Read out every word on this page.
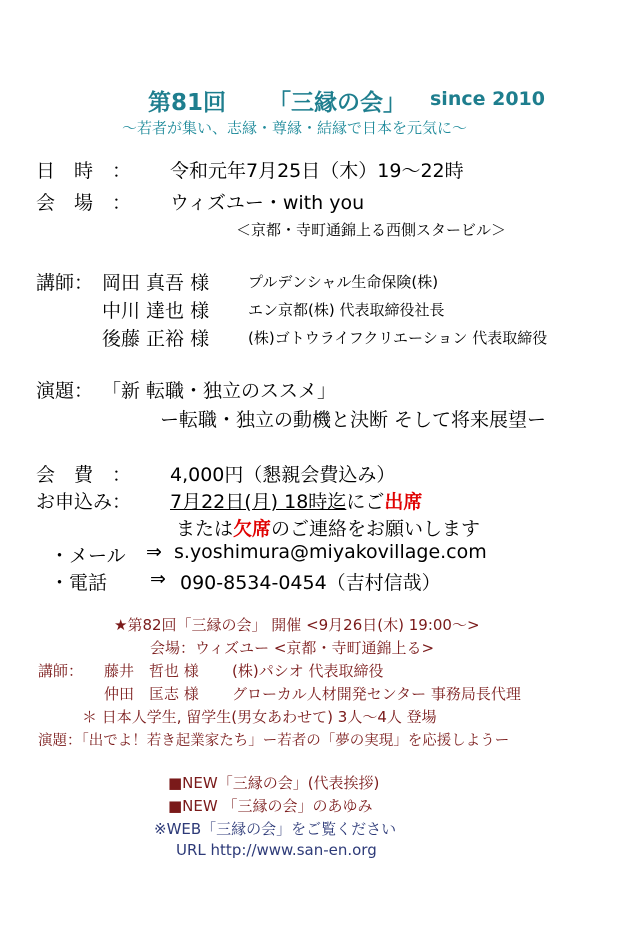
第81回 「三縁の会」 since 2010
〜若者が集い、志縁・尊縁・結縁で日本を元気に〜
日　時　： 令和元年7月25日（木）19〜22時
会　場　： ウィズユー・with you
＜京都・寺町通錦上る西側スタービル＞
講師： 岡田 真吾 様	プルデンシャル生命保険(株)
中川 達也 様	エン京都(株) 代表取締役社長
後藤 正裕 様	(株)ゴトウライフクリエーション 代表取締役
演題： 「新 転職・独立のススメ」
ー転職・独立の動機と決断 そして将来展望ー
会　費　： 4,000円（懇親会費込み）
お申込み： 7月22日(月) 18時迄にご出席
または欠席のご連絡をお願いします
・メール ⇒ s.yoshimura@miyakovillage.com
・電話 ⇒ 090-8534-0454（吉村信哉）
★第82回「三縁の会」 開催 <9月26日(木) 19:00〜>
会場：ウィズユー <京都・寺町通錦上る>
講師： 藤井　哲也 様 (株)パシオ 代表取締役
仲田　匡志 様 グローカル人材開発センター 事務局長代理
＊ 日本人学生, 留学生(男女あわせて) 3人〜4人 登場
演題：「出でよ！若き起業家たち」ー若者の「夢の実現」を応援しようー
■NEW「三縁の会」(代表挨拶)
■NEW 「三縁の会」のあゆみ
※WEB「三縁の会」をご覧ください
URL http://www.san-en.org
